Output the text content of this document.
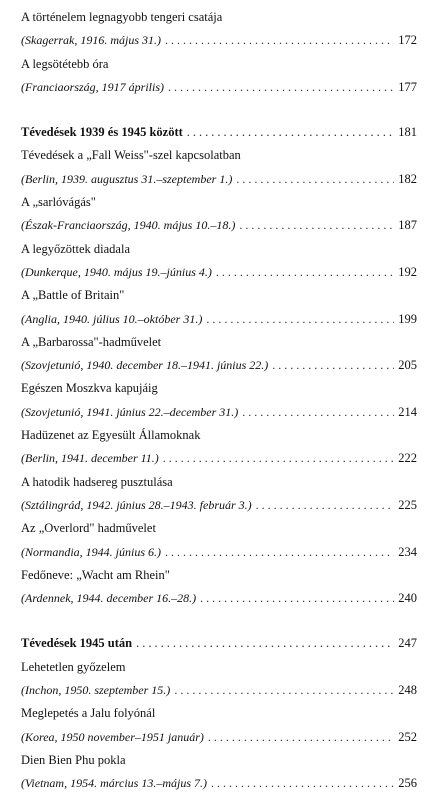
A történelem legnagyobb tengeri csatája
(Skagerrak, 1916. május 31.) .....	172
A legsötétebb óra
(Franciaország, 1917 április) .....	177
Tévedések 1939 és 1945 között .....	181
Tévedések a „Fall Weiss"-szel kapcsolatban
(Berlin, 1939. augusztus 31.–szeptember 1.) .....	182
A „sarlóvágás"
(Észak-Franciaország, 1940. május 10.–18.) .....	187
A legyőzöttek diadala
(Dunkerque, 1940. május 19.–június 4.) .....	192
A „Battle of Britain"
(Anglia, 1940. július 10.–október 31.) .....	199
A „Barbarossa"-hadművelet
(Szovjetunió, 1940. december 18.–1941. június 22.) .....	205
Egészen Moszkva kapujáig
(Szovjetunió, 1941. június 22.–december 31.) .....	214
Hadüzenet az Egyesült Államoknak
(Berlin, 1941. december 11.) .....	222
A hatodik hadsereg pusztulása
(Sztálingrád, 1942. június 28.–1943. február 3.) .....	225
Az „Overlord" hadművelet
(Normandia, 1944. június 6.) .....	234
Fedőneve: „Wacht am Rhein"
(Ardennek, 1944. december 16.–28.) .....	240
Tévedések 1945 után .....	247
Lehetetlen győzelem
(Inchon, 1950. szeptember 15.) .....	248
Meglepetés a Jalu folyónál
(Korea, 1950 november–1951 január) .....	252
Dien Bien Phu pokla
(Vietnam, 1954. március 13.–május 7.) .....	256
